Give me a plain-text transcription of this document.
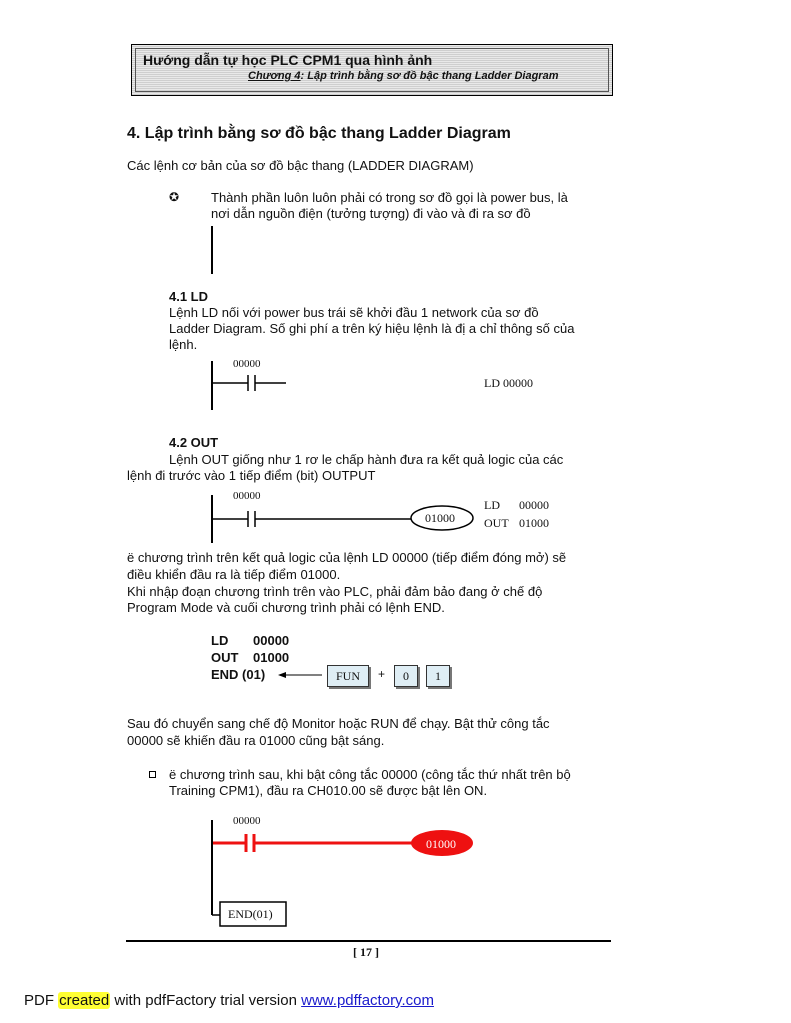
Hướng dẫn tự học PLC CPM1 qua hình ảnh
Chương 4: Lập trình bằng sơ đồ bậc thang Ladder Diagram
4. Lập trình bằng sơ đồ bậc thang Ladder Diagram
Các lệnh cơ bản của sơ đồ bậc thang (LADDER DIAGRAM)
✪ Thành phần luôn luôn phải có trong sơ đồ gọi là power bus, là
nơi dẫn nguồn điện (tưởng tượng) đi vào và đi ra sơ đồ
4.1 LD
Lệnh LD nối với power bus trái sẽ khởi đầu 1 network của sơ đồ
Ladder Diagram. Số ghi phí a trên ký hiệu lệnh là đị a chỉ thông số của
lệnh.
00000
LD 00000
4.2 OUT
Lệnh OUT giống như 1 rơ le chấp hành đưa ra kết quả logic của các
lệnh đi trước vào 1 tiếp điểm (bit) OUTPUT
00000
01000
LD 00000
OUT 01000
ë chương trình trên kết quả logic của lệnh LD 00000 (tiếp điểm đóng mở) sẽ
điều khiển đầu ra là tiếp điểm 01000.
Khi nhập đoạn chương trình trên vào PLC, phải đảm bảo đang ở chế độ
Program Mode và cuối chương trình phải có lệnh END.
LD 00000
OUT 01000
END (01)	FUN	+	0	1
Sau đó chuyển sang chế độ Monitor hoặc RUN để chạy. Bật thử công tắc
00000 sẽ khiến đầu ra 01000 cũng bật sáng.
ë chương trình sau, khi bật công tắc 00000 (công tắc thứ nhất trên bộ
Training CPM1), đầu ra CH010.00 sẽ được bật lên ON.
00000
01000
END(01)
[ 17 ]
PDF created with pdfFactory trial version www.pdffactory.com
